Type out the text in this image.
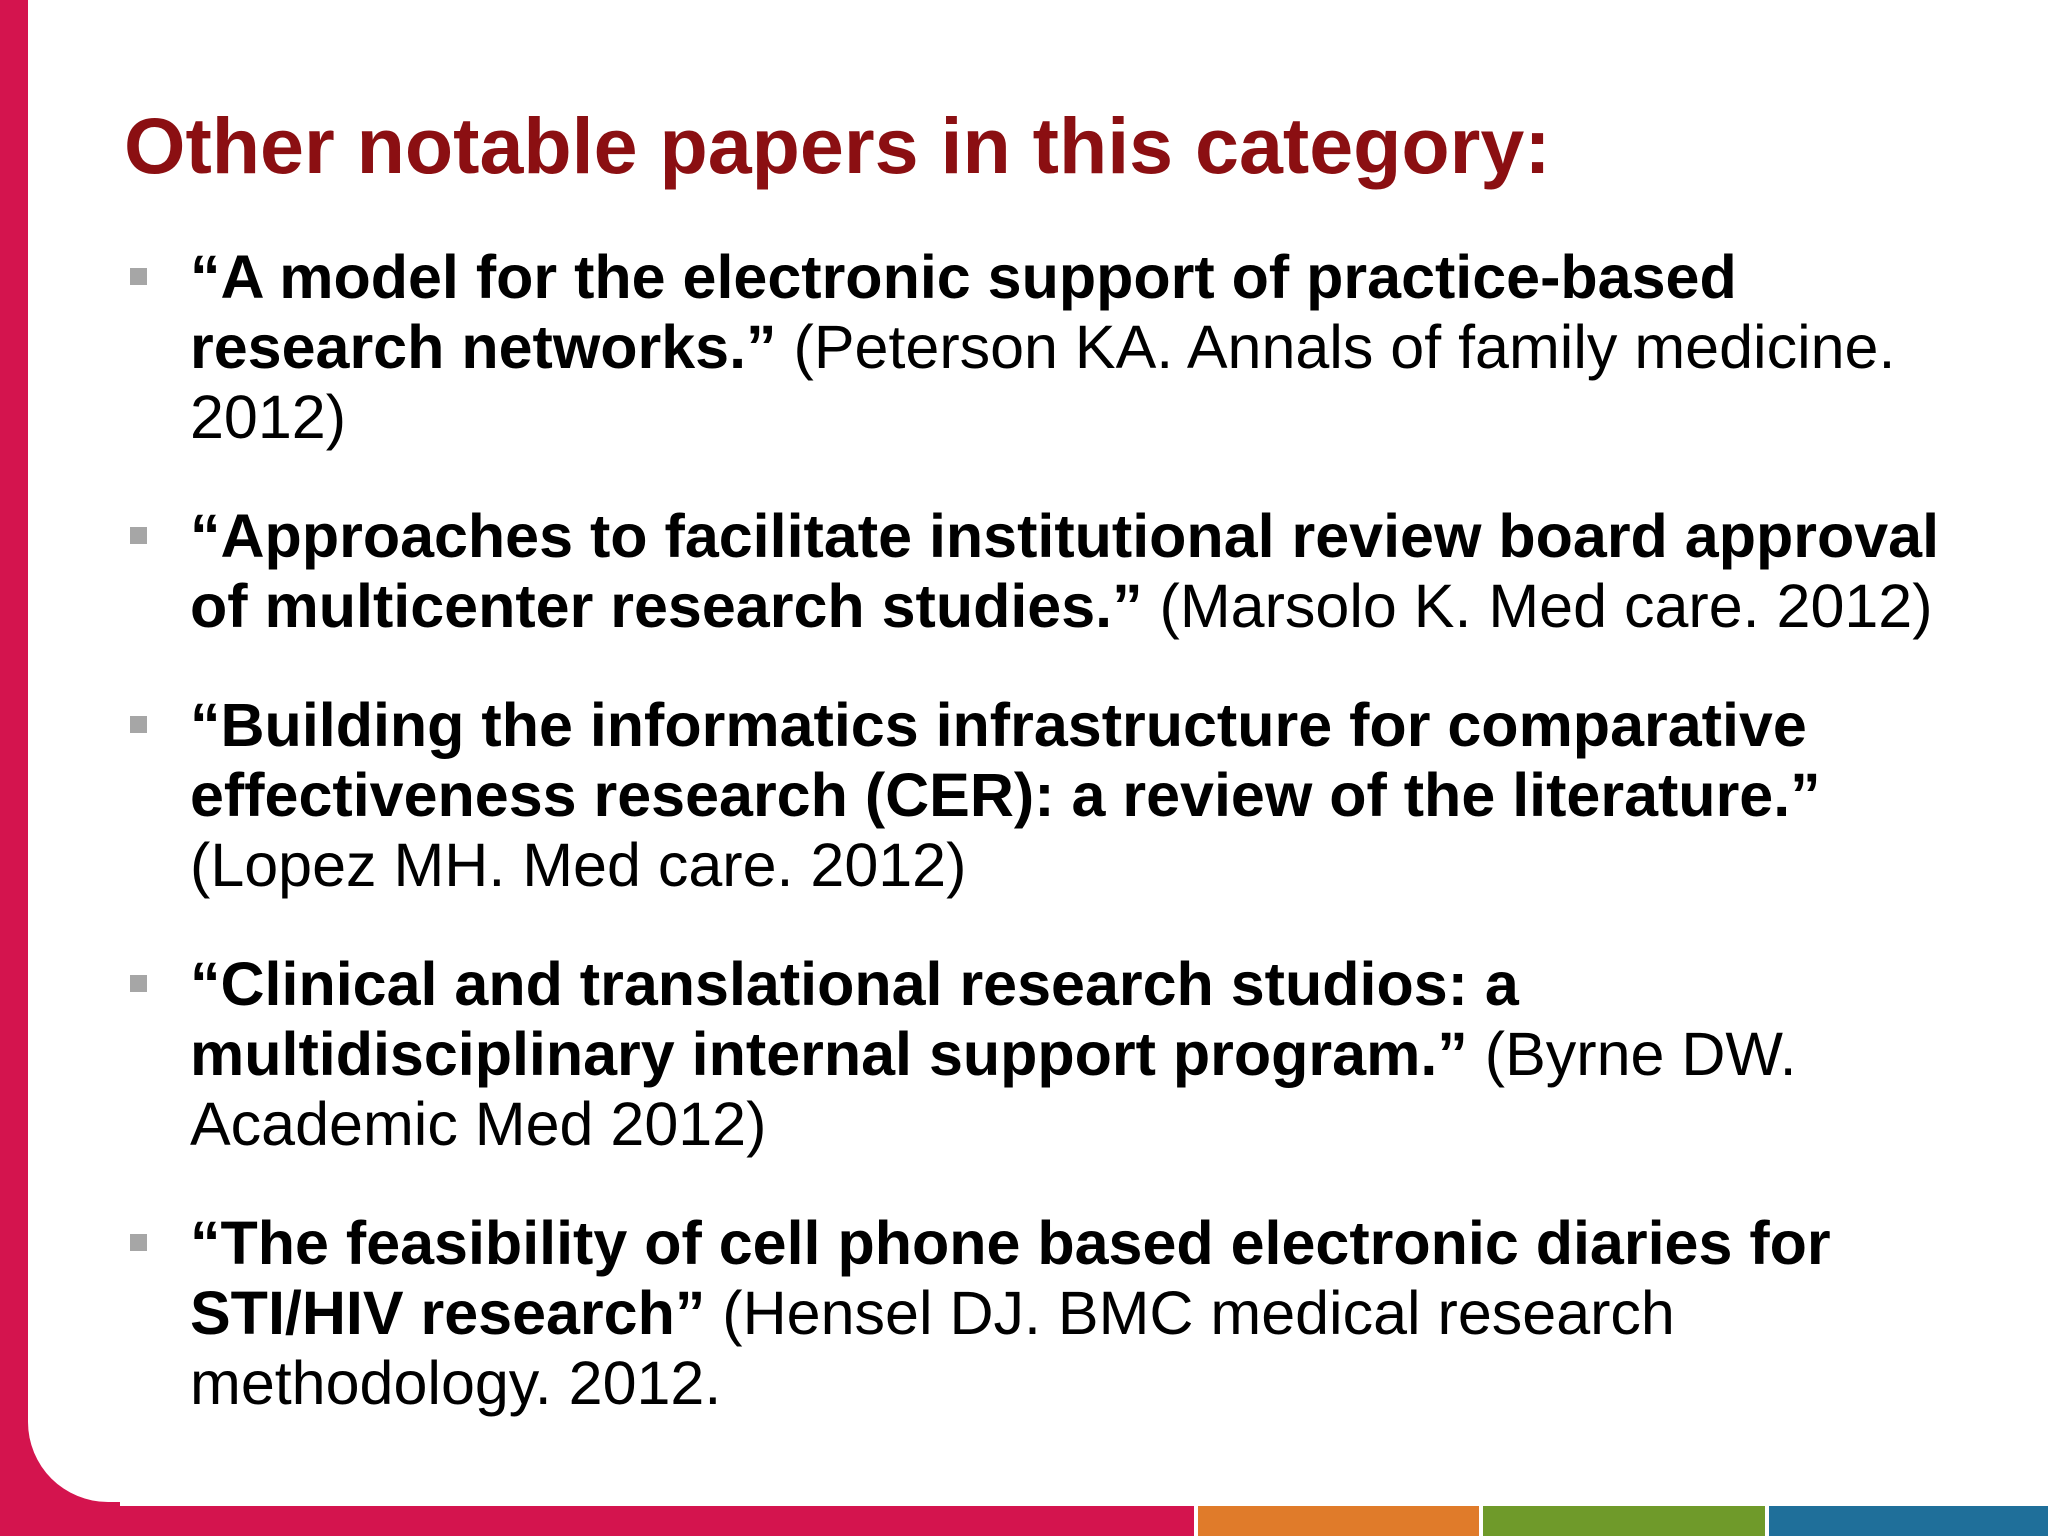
Other notable papers in this category:
“A model for the electronic support of practice-based research networks.” (Peterson KA. Annals of family medicine. 2012)
“Approaches to facilitate institutional review board approval of multicenter research studies.” (Marsolo K. Med care. 2012)
“Building the informatics infrastructure for comparative effectiveness research (CER): a review of the literature.” (Lopez MH. Med care. 2012)
“Clinical and translational research studios: a multidisciplinary internal support program.” (Byrne DW. Academic Med 2012)
“The feasibility of cell phone based electronic diaries for STI/HIV research” (Hensel DJ. BMC medical research methodology. 2012.
